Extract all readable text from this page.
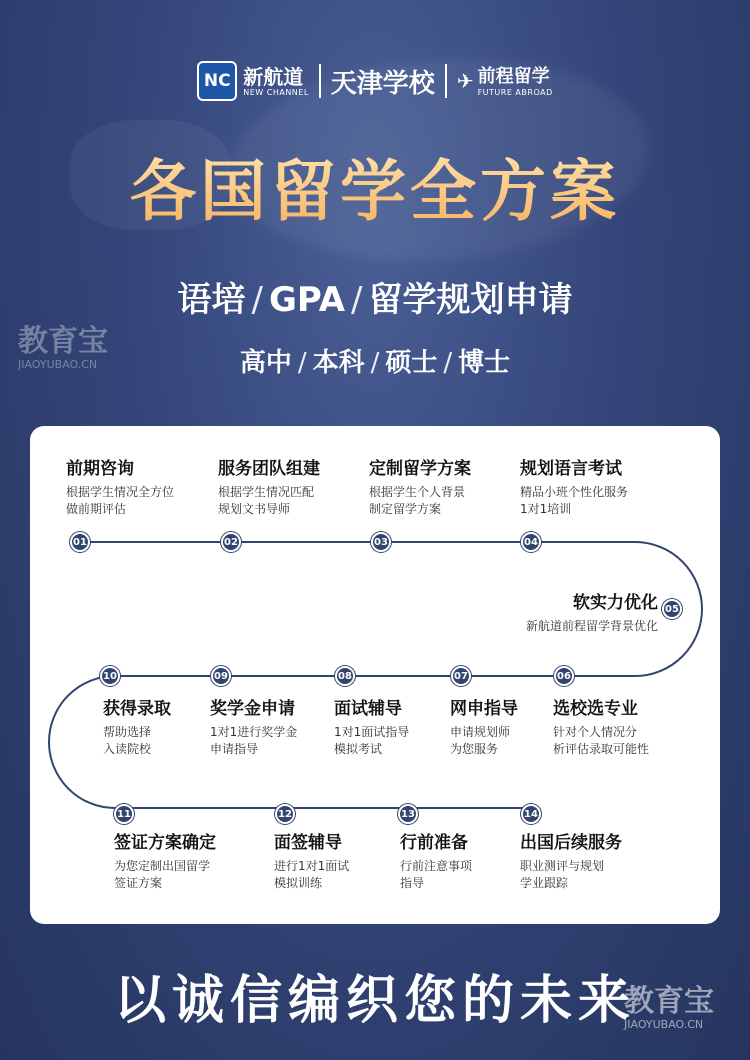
NC 新航道
NEW CHANNEL 天津学校 ✈ 前程留学
FUTURE ABROAD
各国留学全方案
语培 / GPA / 留学规划申请
高中 / 本科 / 硕士 / 博士
教育宝
JIAOYUBAO.CN
前期咨询
根据学生情况全方位
做前期评估
01
服务团队组建
根据学生情况匹配
规划文书导师
02
定制留学方案
根据学生个人背景
制定留学方案
03
规划语言考试
精品小班个性化服务
1对1培训
04
软实力优化
新航道前程留学背景优化
05
06
07
08
09
10
获得录取
帮助选择
入读院校
奖学金申请
1对1进行奖学金
申请指导
面试辅导
1对1面试指导
模拟考试
网申指导
申请规划师
为您服务
选校选专业
针对个人情况分
析评估录取可能性
11	12	13	14
签证方案确定
为您定制出国留学
签证方案
面签辅导
进行1对1面试
模拟训练
行前准备
行前注意事项
指导
出国后续服务
职业测评与规划
学业跟踪
以诚信编织您的未来
教育宝
JIAOYUBAO.CN
